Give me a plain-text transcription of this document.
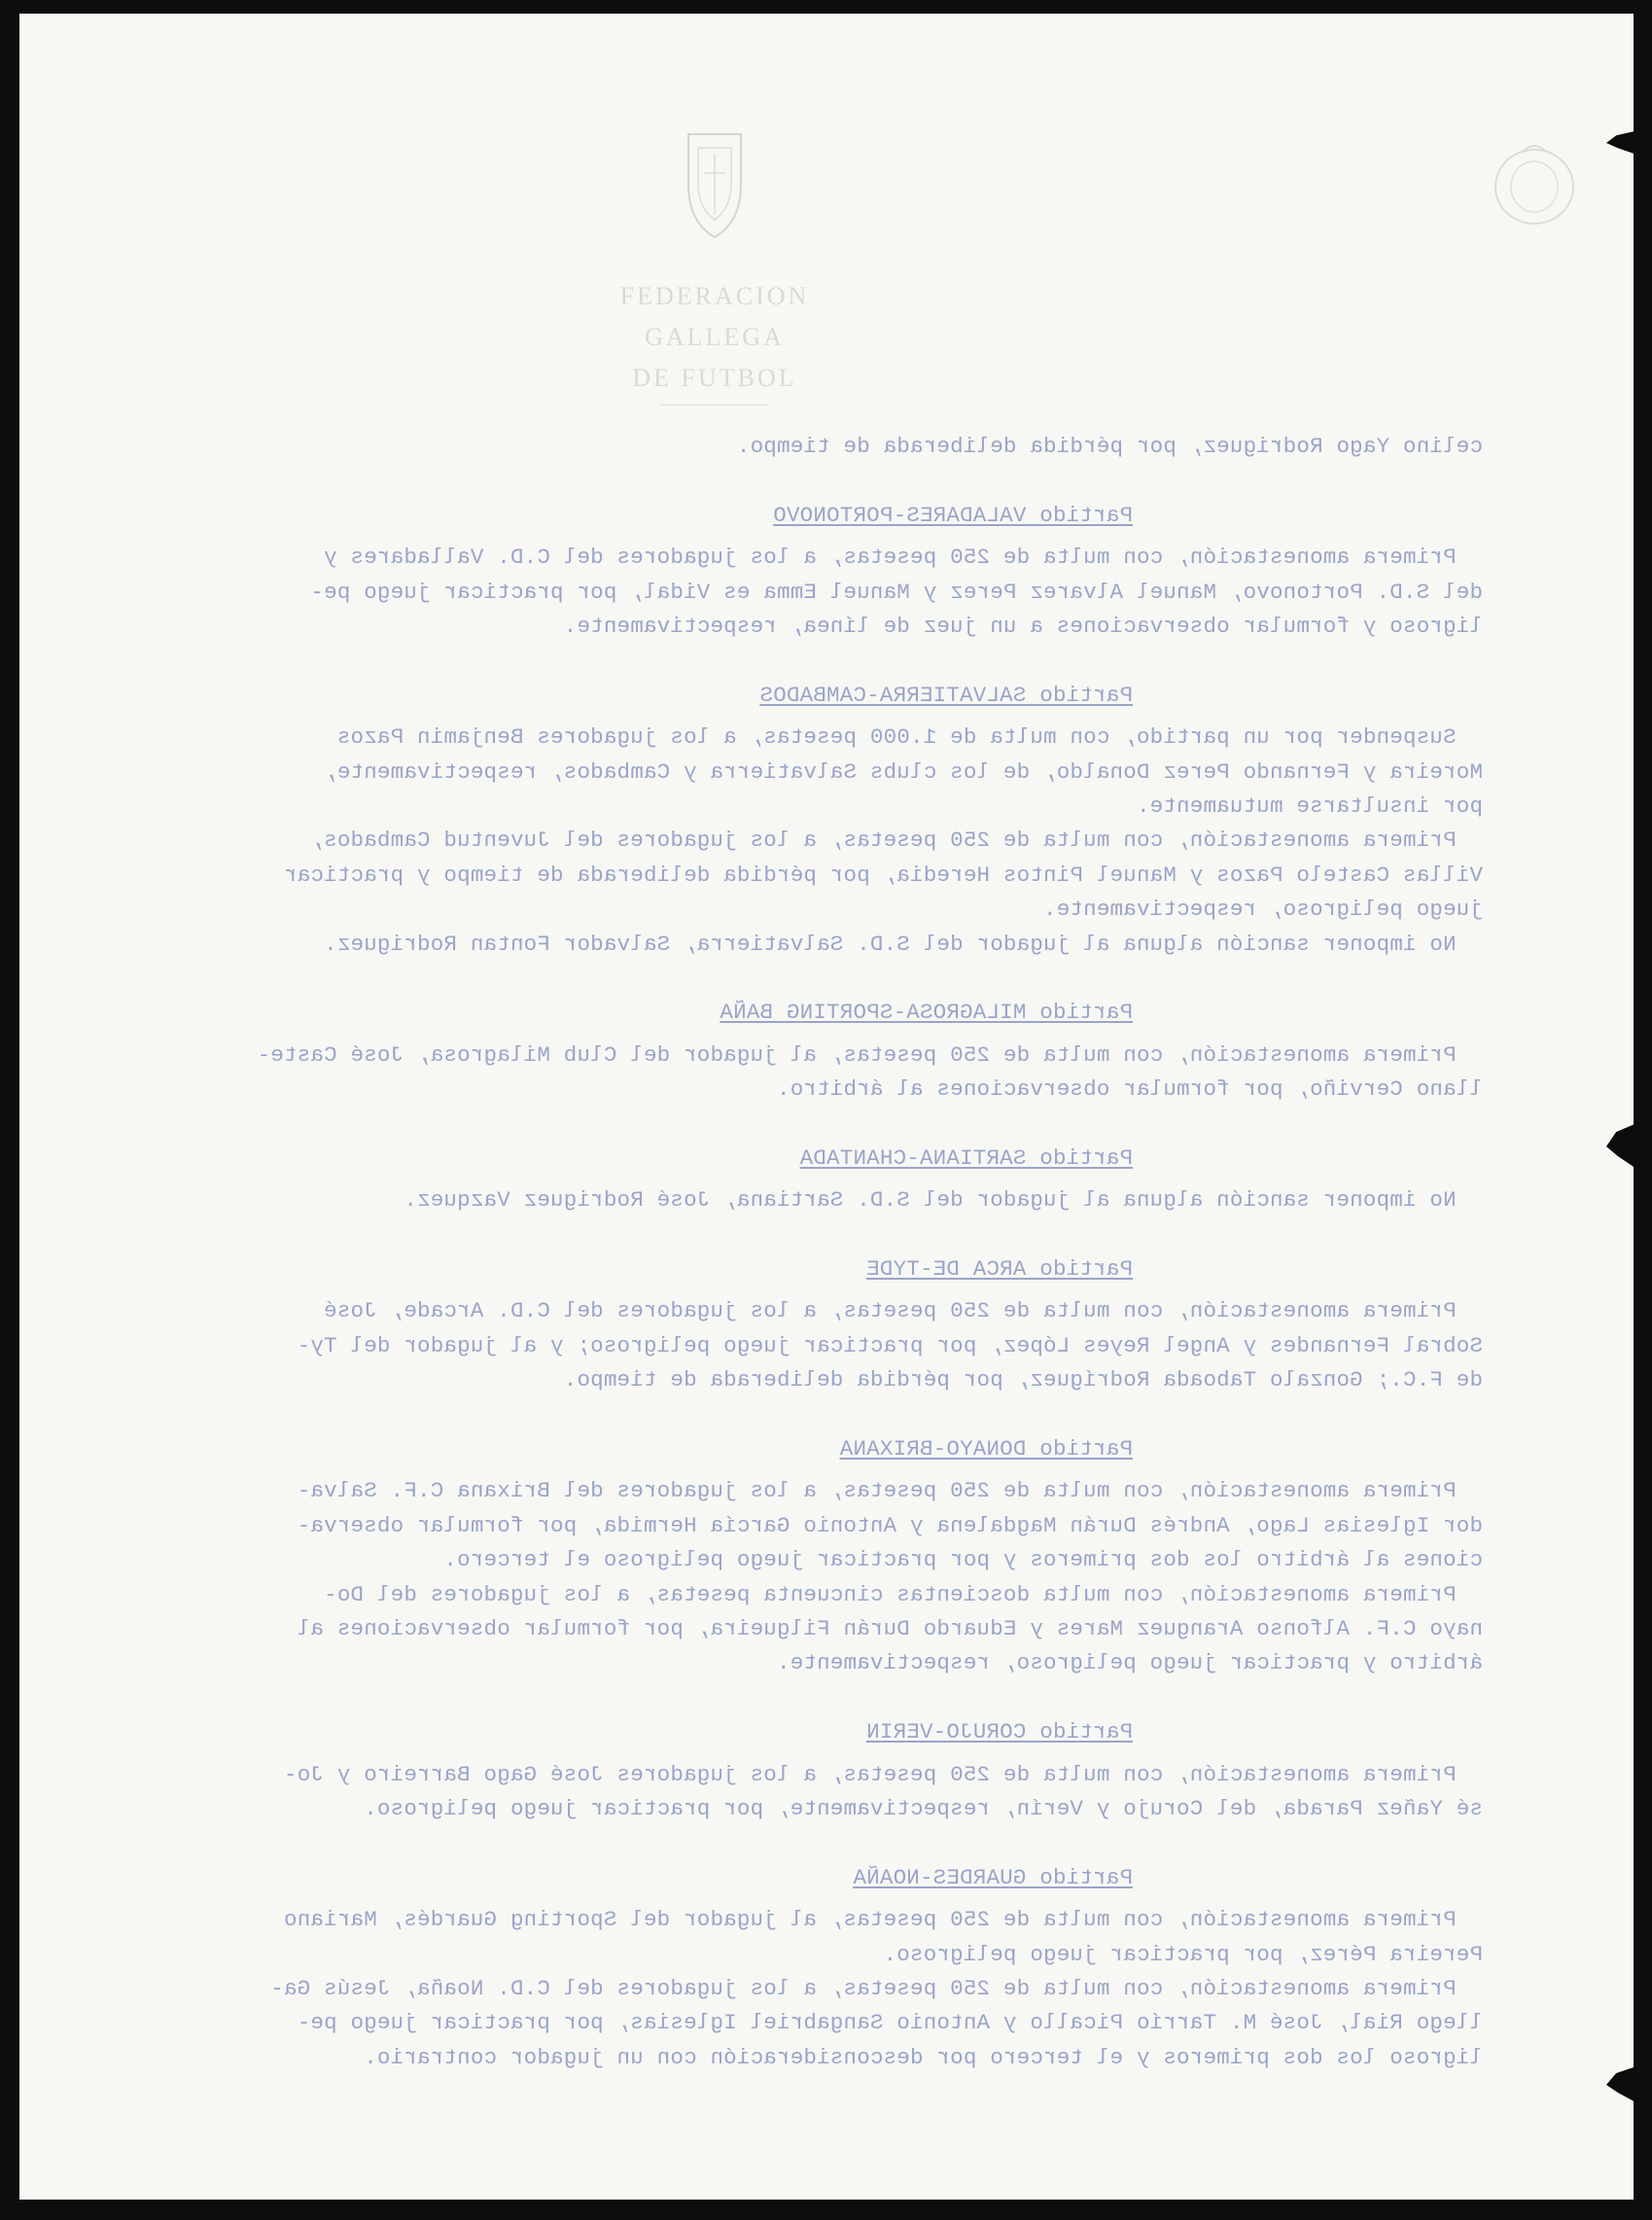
FEDERACION GALLEGA
DE FUTBOL
celino Yago Rodriguez, por pérdida deliberada de tiempo.
Partido VALADARES-PORTONOVO
Primera amonestación, con multa de 250 pesetas, a los jugadores del C.D. Valladares y
del S.D. Portonovo, Manuel Alvarez Perez y Manuel Emma es Vidal, por practicar juego pe-
ligroso y formular observaciones a un juez de línea, respectivamente.
Partido SALVATIERRA-CAMBADOS
Suspender por un partido, con multa de 1.000 pesetas, a los jugadores Benjamin Pazos
Moreira y Fernando Perez Donaldo, de los clubs Salvatierra y Cambados, respectivamente,
por insultarse mutuamente.
Primera amonestación, con multa de 250 pesetas, a los jugadores del Juventud Cambados,
Villas Castelo Pazos y Manuel Pintos Heredia, por pérdida deliberada de tiempo y practicar
juego peligroso, respectivamente.
No imponer sanción alguna al jugador del S.D. Salvatierra, Salvador Fontan Rodriguez.
Partido MILAGROSA-SPORTING BAÑA
Primera amonestación, con multa de 250 pesetas, al jugador del Club Milagrosa, José Caste-
llano Cerviño, por formular observaciones al árbitro.
Partido SARTIANA-CHANTADA
No imponer sanción alguna al jugador del S.D. Sartiana, José Rodriguez Vazquez.
Partido ARCA DE-TYDE
Primera amonestación, con multa de 250 pesetas, a los jugadores del C.D. Arcade, José
Sobral Fernandes y Angel Reyes López, por practicar juego peligroso; y al jugador del Ty-
de F.C.; Gonzalo Taboada Rodríguez, por pérdida deliberada de tiempo.
Partido DONAYO-BRIXANA
Primera amonestación, con multa de 250 pesetas, a los jugadores del Brixana C.F. Salva-
dor Iglesias Lago, Andrés Durán Magdalena y Antonio García Hermida, por formular observa-
ciones al árbitro los dos primeros y por practicar juego peligroso el tercero.
Primera amonestación, con multa doscientas cincuenta pesetas, a los jugadores del Do-
nayo C.F. Alfonso Aranguez Mares y Eduardo Durán Filgueira, por formular observaciones al
árbitro y practicar juego peligroso, respectivamente.
Partido CORUJO-VERIN
Primera amonestación, con multa de 250 pesetas, a los jugadores José Gago Barreiro y Jo-
sé Yañez Parada, del Corujo y Verín, respectivamente, por practicar juego peligroso.
Partido GUARDES-NOAÑA
Primera amonestación, con multa de 250 pesetas, al jugador del Sporting Guardés, Mariano
Pereira Pérez, por practicar juego peligroso.
Primera amonestación, con multa de 250 pesetas, a los jugadores del C.D. Noaña, Jesús Ga-
llego Rial, José M. Tarrío Picallo y Antonio Sangabriel Iglesias, por practicar juego pe-
ligroso los dos primeros y el tercero por desconsideración con un jugador contrario.
